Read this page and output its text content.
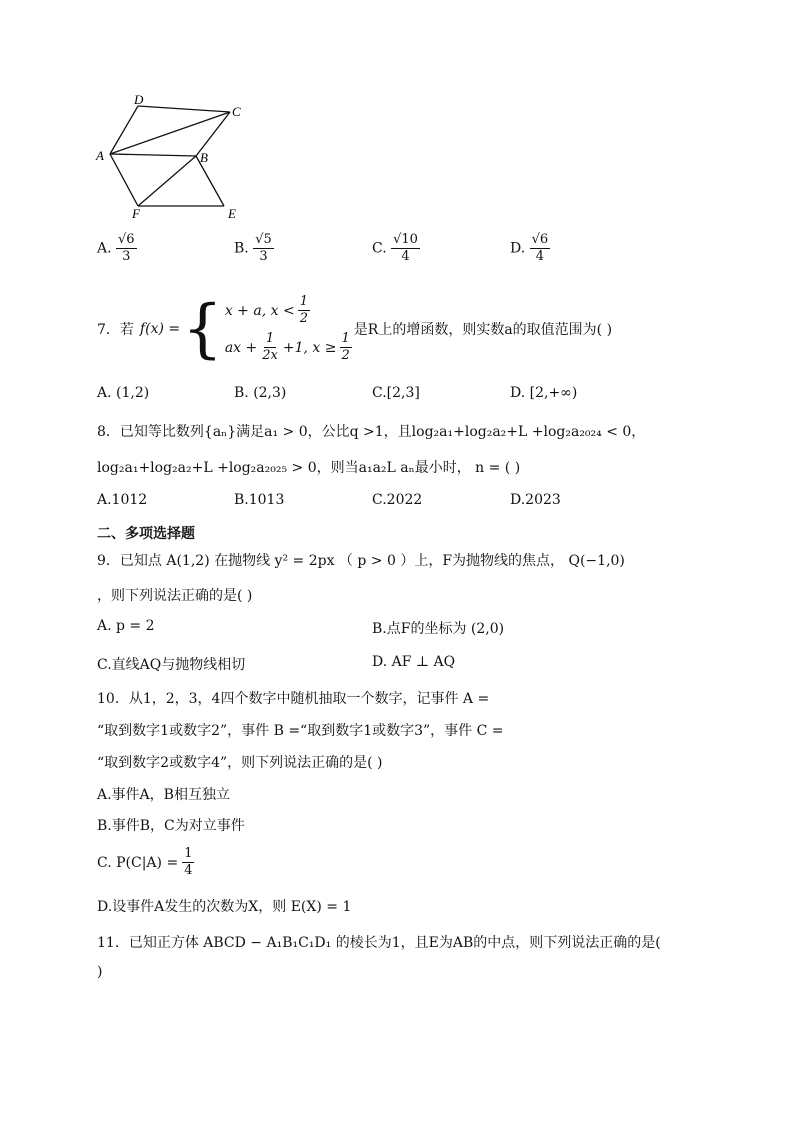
D
C
A	B
F	E
A. $\frac{√6}{3}$	B. $\frac{√5}{3}$	C. $\frac{√10}{4}$	D. $\frac{√6}{4}$
7．若 f(x) = { x + a, $x < \frac{1}{2}$
ax + $\frac{1}{2x} +1$, $x \ge \frac{1}{2}$
是R上的增函数，则实数a的取值范围为( )
A. (1,2)	B. (2,3)	C.[2,3]	D. [2,+∞)
8．已知等比数列{aₙ}满足a₁ > 0，公比q >1，且log₂a₁+log₂a₂+L +log₂a₂₀₂₄ < 0，
log₂a₁+log₂a₂+L +log₂a₂₀₂₅ > 0，则当a₁a₂L aₙ最小时， n = ( )
A.1012	B.1013	C.2022	D.2023
二、多项选择题
9．已知点 A(1,2) 在抛物线 y² = 2px （ p > 0 ）上，F为抛物线的焦点， Q(−1,0)
，则下列说法正确的是( )
A. p = 2	B.点F的坐标为 (2,0)
C.直线AQ与抛物线相切	D. AF ⊥ AQ
10．从1，2，3，4四个数字中随机抽取一个数字，记事件 A =
“取到数字1或数字2”，事件 B =“取到数字1或数字3”，事件 C =
“取到数字2或数字4”，则下列说法正确的是( )
A.事件A，B相互独立
B.事件B，C为对立事件
C. $P(C|A) = \frac{1}{4}$
D.设事件A发生的次数为X，则 E(X) = 1
11．已知正方体 ABCD − A₁B₁C₁D₁ 的棱长为1，且E为AB的中点，则下列说法正确的是(
)
